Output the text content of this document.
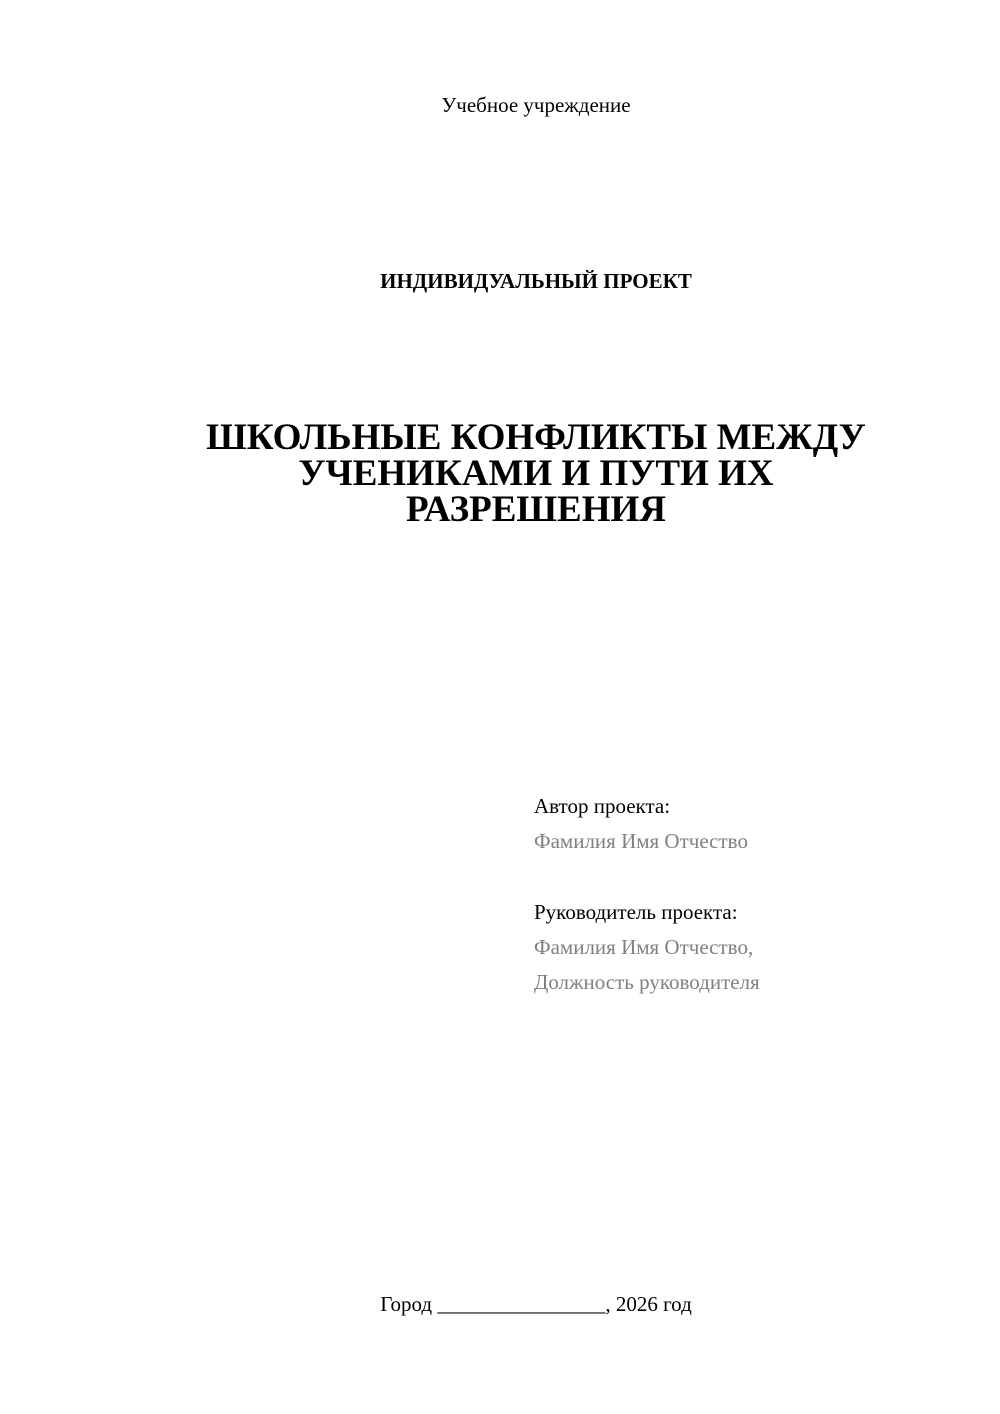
Учебное учреждение
ИНДИВИДУАЛЬНЫЙ ПРОЕКТ
ШКОЛЬНЫЕ КОНФЛИКТЫ МЕЖДУ
УЧЕНИКАМИ И ПУТИ ИХ
РАЗРЕШЕНИЯ
Автор проекта:
Фамилия Имя Отчество
Руководитель проекта:
Фамилия Имя Отчество,
Должность руководителя
Город ________________, 2026 год
